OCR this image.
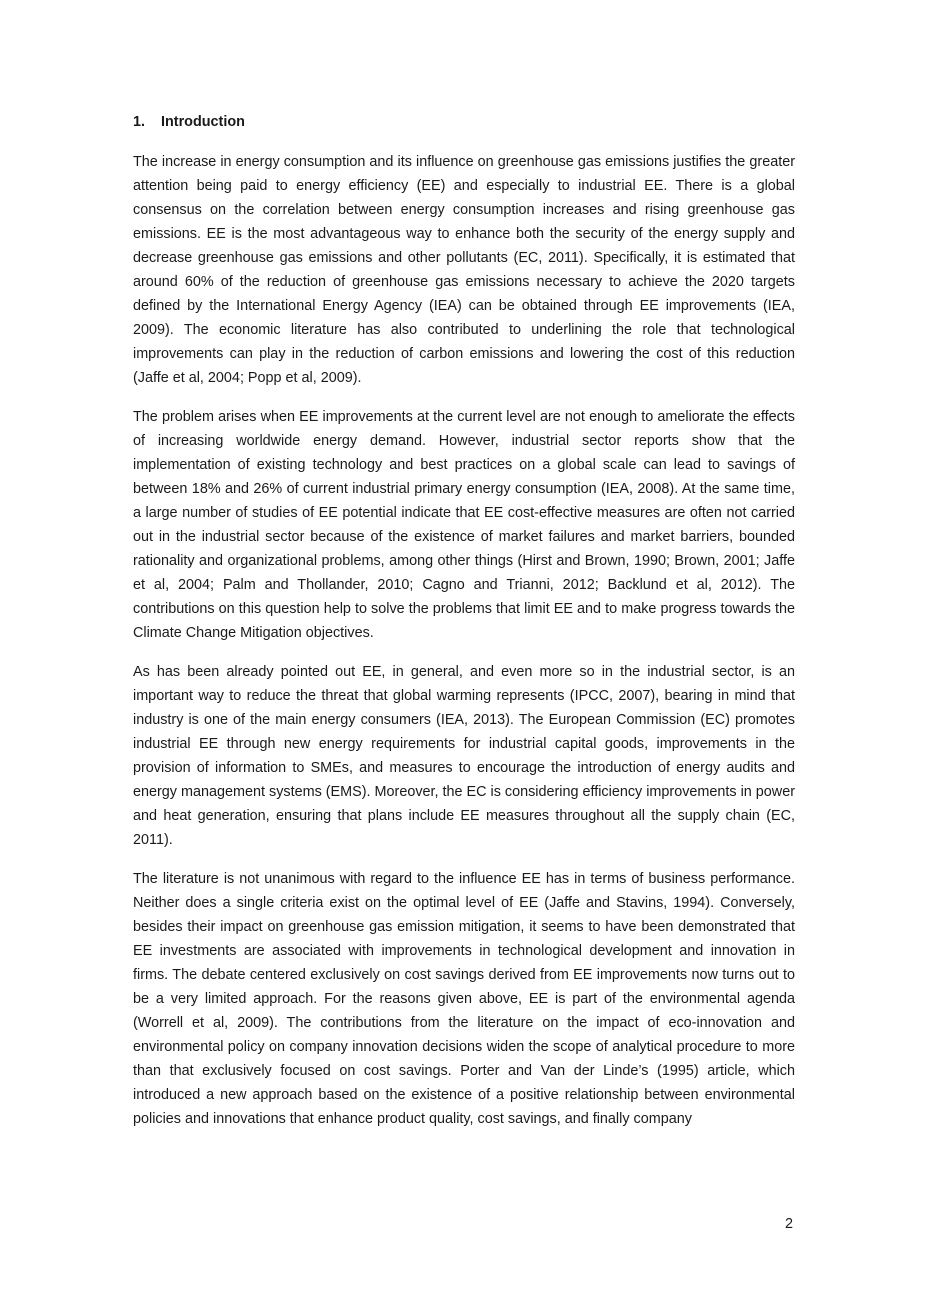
1. Introduction

The increase in energy consumption and its influence on greenhouse gas emissions justifies the greater attention being paid to energy efficiency (EE) and especially to industrial EE. There is a global consensus on the correlation between energy consumption increases and rising greenhouse gas emissions. EE is the most advantageous way to enhance both the security of the energy supply and decrease greenhouse gas emissions and other pollutants (EC, 2011). Specifically, it is estimated that around 60% of the reduction of greenhouse gas emissions necessary to achieve the 2020 targets defined by the International Energy Agency (IEA) can be obtained through EE improvements (IEA, 2009). The economic literature has also contributed to underlining the role that technological improvements can play in the reduction of carbon emissions and lowering the cost of this reduction (Jaffe et al, 2004; Popp et al, 2009).

The problem arises when EE improvements at the current level are not enough to ameliorate the effects of increasing worldwide energy demand. However, industrial sector reports show that the implementation of existing technology and best practices on a global scale can lead to savings of between 18% and 26% of current industrial primary energy consumption (IEA, 2008). At the same time, a large number of studies of EE potential indicate that EE cost-effective measures are often not carried out in the industrial sector because of the existence of market failures and market barriers, bounded rationality and organizational problems, among other things (Hirst and Brown, 1990; Brown, 2001; Jaffe et al, 2004; Palm and Thollander, 2010; Cagno and Trianni, 2012; Backlund et al, 2012). The contributions on this question help to solve the problems that limit EE and to make progress towards the Climate Change Mitigation objectives.

As has been already pointed out EE, in general, and even more so in the industrial sector, is an important way to reduce the threat that global warming represents (IPCC, 2007), bearing in mind that industry is one of the main energy consumers (IEA, 2013). The European Commission (EC) promotes industrial EE through new energy requirements for industrial capital goods, improvements in the provision of information to SMEs, and measures to encourage the introduction of energy audits and energy management systems (EMS). Moreover, the EC is considering efficiency improvements in power and heat generation, ensuring that plans include EE measures throughout all the supply chain (EC, 2011).

The literature is not unanimous with regard to the influence EE has in terms of business performance. Neither does a single criteria exist on the optimal level of EE (Jaffe and Stavins, 1994). Conversely, besides their impact on greenhouse gas emission mitigation, it seems to have been demonstrated that EE investments are associated with improvements in technological development and innovation in firms. The debate centered exclusively on cost savings derived from EE improvements now turns out to be a very limited approach. For the reasons given above, EE is part of the environmental agenda (Worrell et al, 2009). The contributions from the literature on the impact of eco-innovation and environmental policy on company innovation decisions widen the scope of analytical procedure to more than that exclusively focused on cost savings. Porter and Van der Linde’s (1995) article, which introduced a new approach based on the existence of a positive relationship between environmental policies and innovations that enhance product quality, cost savings, and finally company

2
